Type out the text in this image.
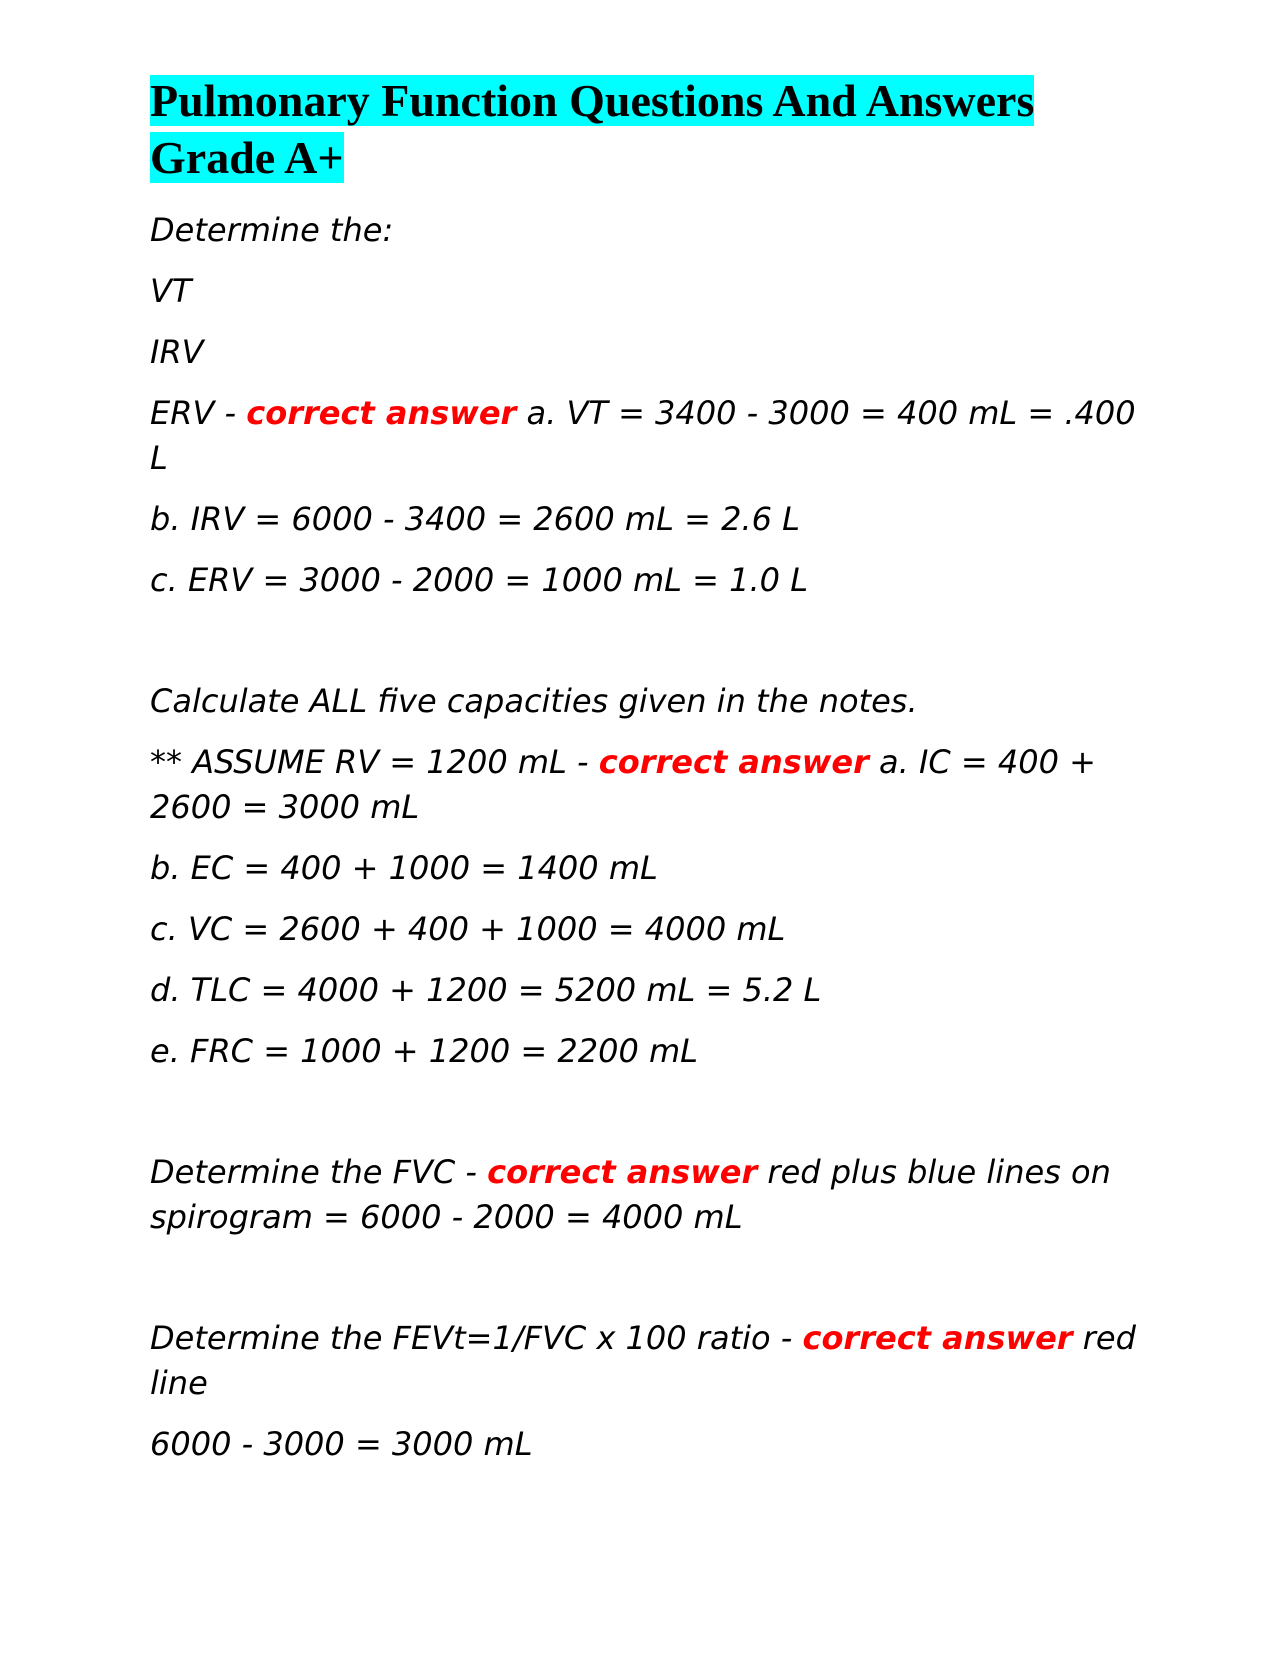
Pulmonary Function Questions And Answers Grade A+

Determine the:

VT

IRV

ERV - correct answer a. VT = 3400 - 3000 = 400 mL = .400 L

b. IRV = 6000 - 3400 = 2600 mL = 2.6 L

c. ERV = 3000 - 2000 = 1000 mL = 1.0 L

Calculate ALL five capacities given in the notes.

** ASSUME RV = 1200 mL - correct answer a. IC = 400 + 2600 = 3000 mL

b. EC = 400 + 1000 = 1400 mL

c. VC = 2600 + 400 + 1000 = 4000 mL

d. TLC = 4000 + 1200 = 5200 mL = 5.2 L

e. FRC = 1000 + 1200 = 2200 mL

Determine the FVC - correct answer red plus blue lines on spirogram = 6000 - 2000 = 4000 mL

Determine the FEVt=1/FVC x 100 ratio - correct answer red line

6000 - 3000 = 3000 mL
